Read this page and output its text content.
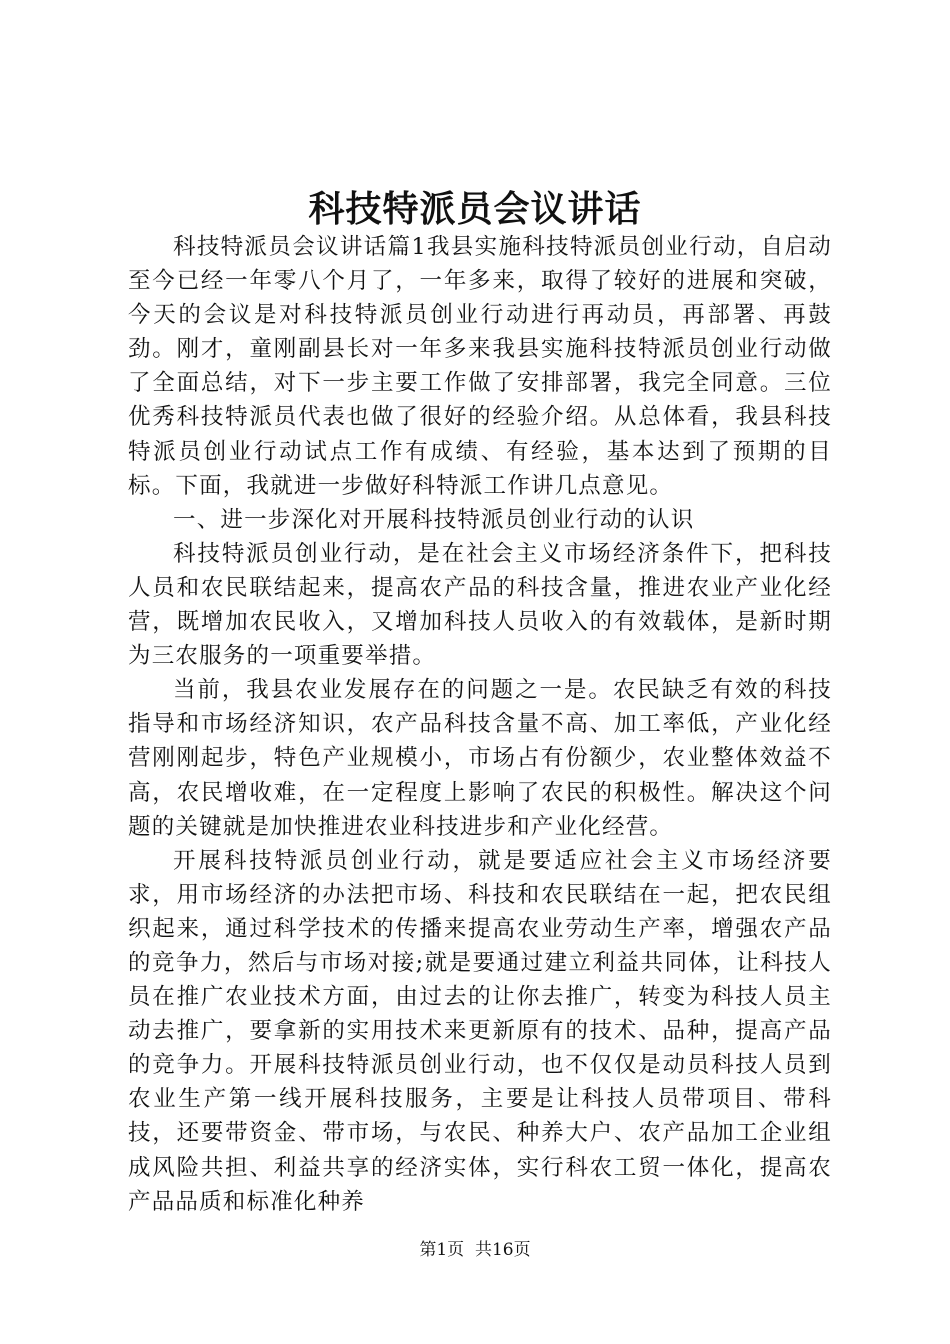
科技特派员会议讲话

科技特派员会议讲话篇1我县实施科技特派员创业行动，自启动至今已经一年零八个月了，一年多来，取得了较好的进展和突破，今天的会议是对科技特派员创业行动进行再动员，再部署、再鼓劲。刚才，童刚副县长对一年多来我县实施科技特派员创业行动做了全面总结，对下一步主要工作做了安排部署，我完全同意。三位优秀科技特派员代表也做了很好的经验介绍。从总体看，我县科技特派员创业行动试点工作有成绩、有经验，基本达到了预期的目标。下面，我就进一步做好科特派工作讲几点意见。

一、进一步深化对开展科技特派员创业行动的认识

科技特派员创业行动，是在社会主义市场经济条件下，把科技人员和农民联结起来，提高农产品的科技含量，推进农业产业化经营，既增加农民收入，又增加科技人员收入的有效载体，是新时期为三农服务的一项重要举措。

当前，我县农业发展存在的问题之一是。农民缺乏有效的科技指导和市场经济知识，农产品科技含量不高、加工率低，产业化经营刚刚起步，特色产业规模小，市场占有份额少，农业整体效益不高，农民增收难，在一定程度上影响了农民的积极性。解决这个问题的关键就是加快推进农业科技进步和产业化经营。

开展科技特派员创业行动，就是要适应社会主义市场经济要求，用市场经济的办法把市场、科技和农民联结在一起，把农民组织起来，通过科学技术的传播来提高农业劳动生产率，增强农产品的竞争力，然后与市场对接;就是要通过建立利益共同体，让科技人员在推广农业技术方面，由过去的让你去推广，转变为科技人员主动去推广，要拿新的实用技术来更新原有的技术、品种，提高产品的竞争力。开展科技特派员创业行动，也不仅仅是动员科技人员到农业生产第一线开展科技服务，主要是让科技人员带项目、带科技，还要带资金、带市场，与农民、种养大户、农产品加工企业组成风险共担、利益共享的经济实体，实行科农工贸一体化，提高农产品品质和标准化种养

第1页  共16页
